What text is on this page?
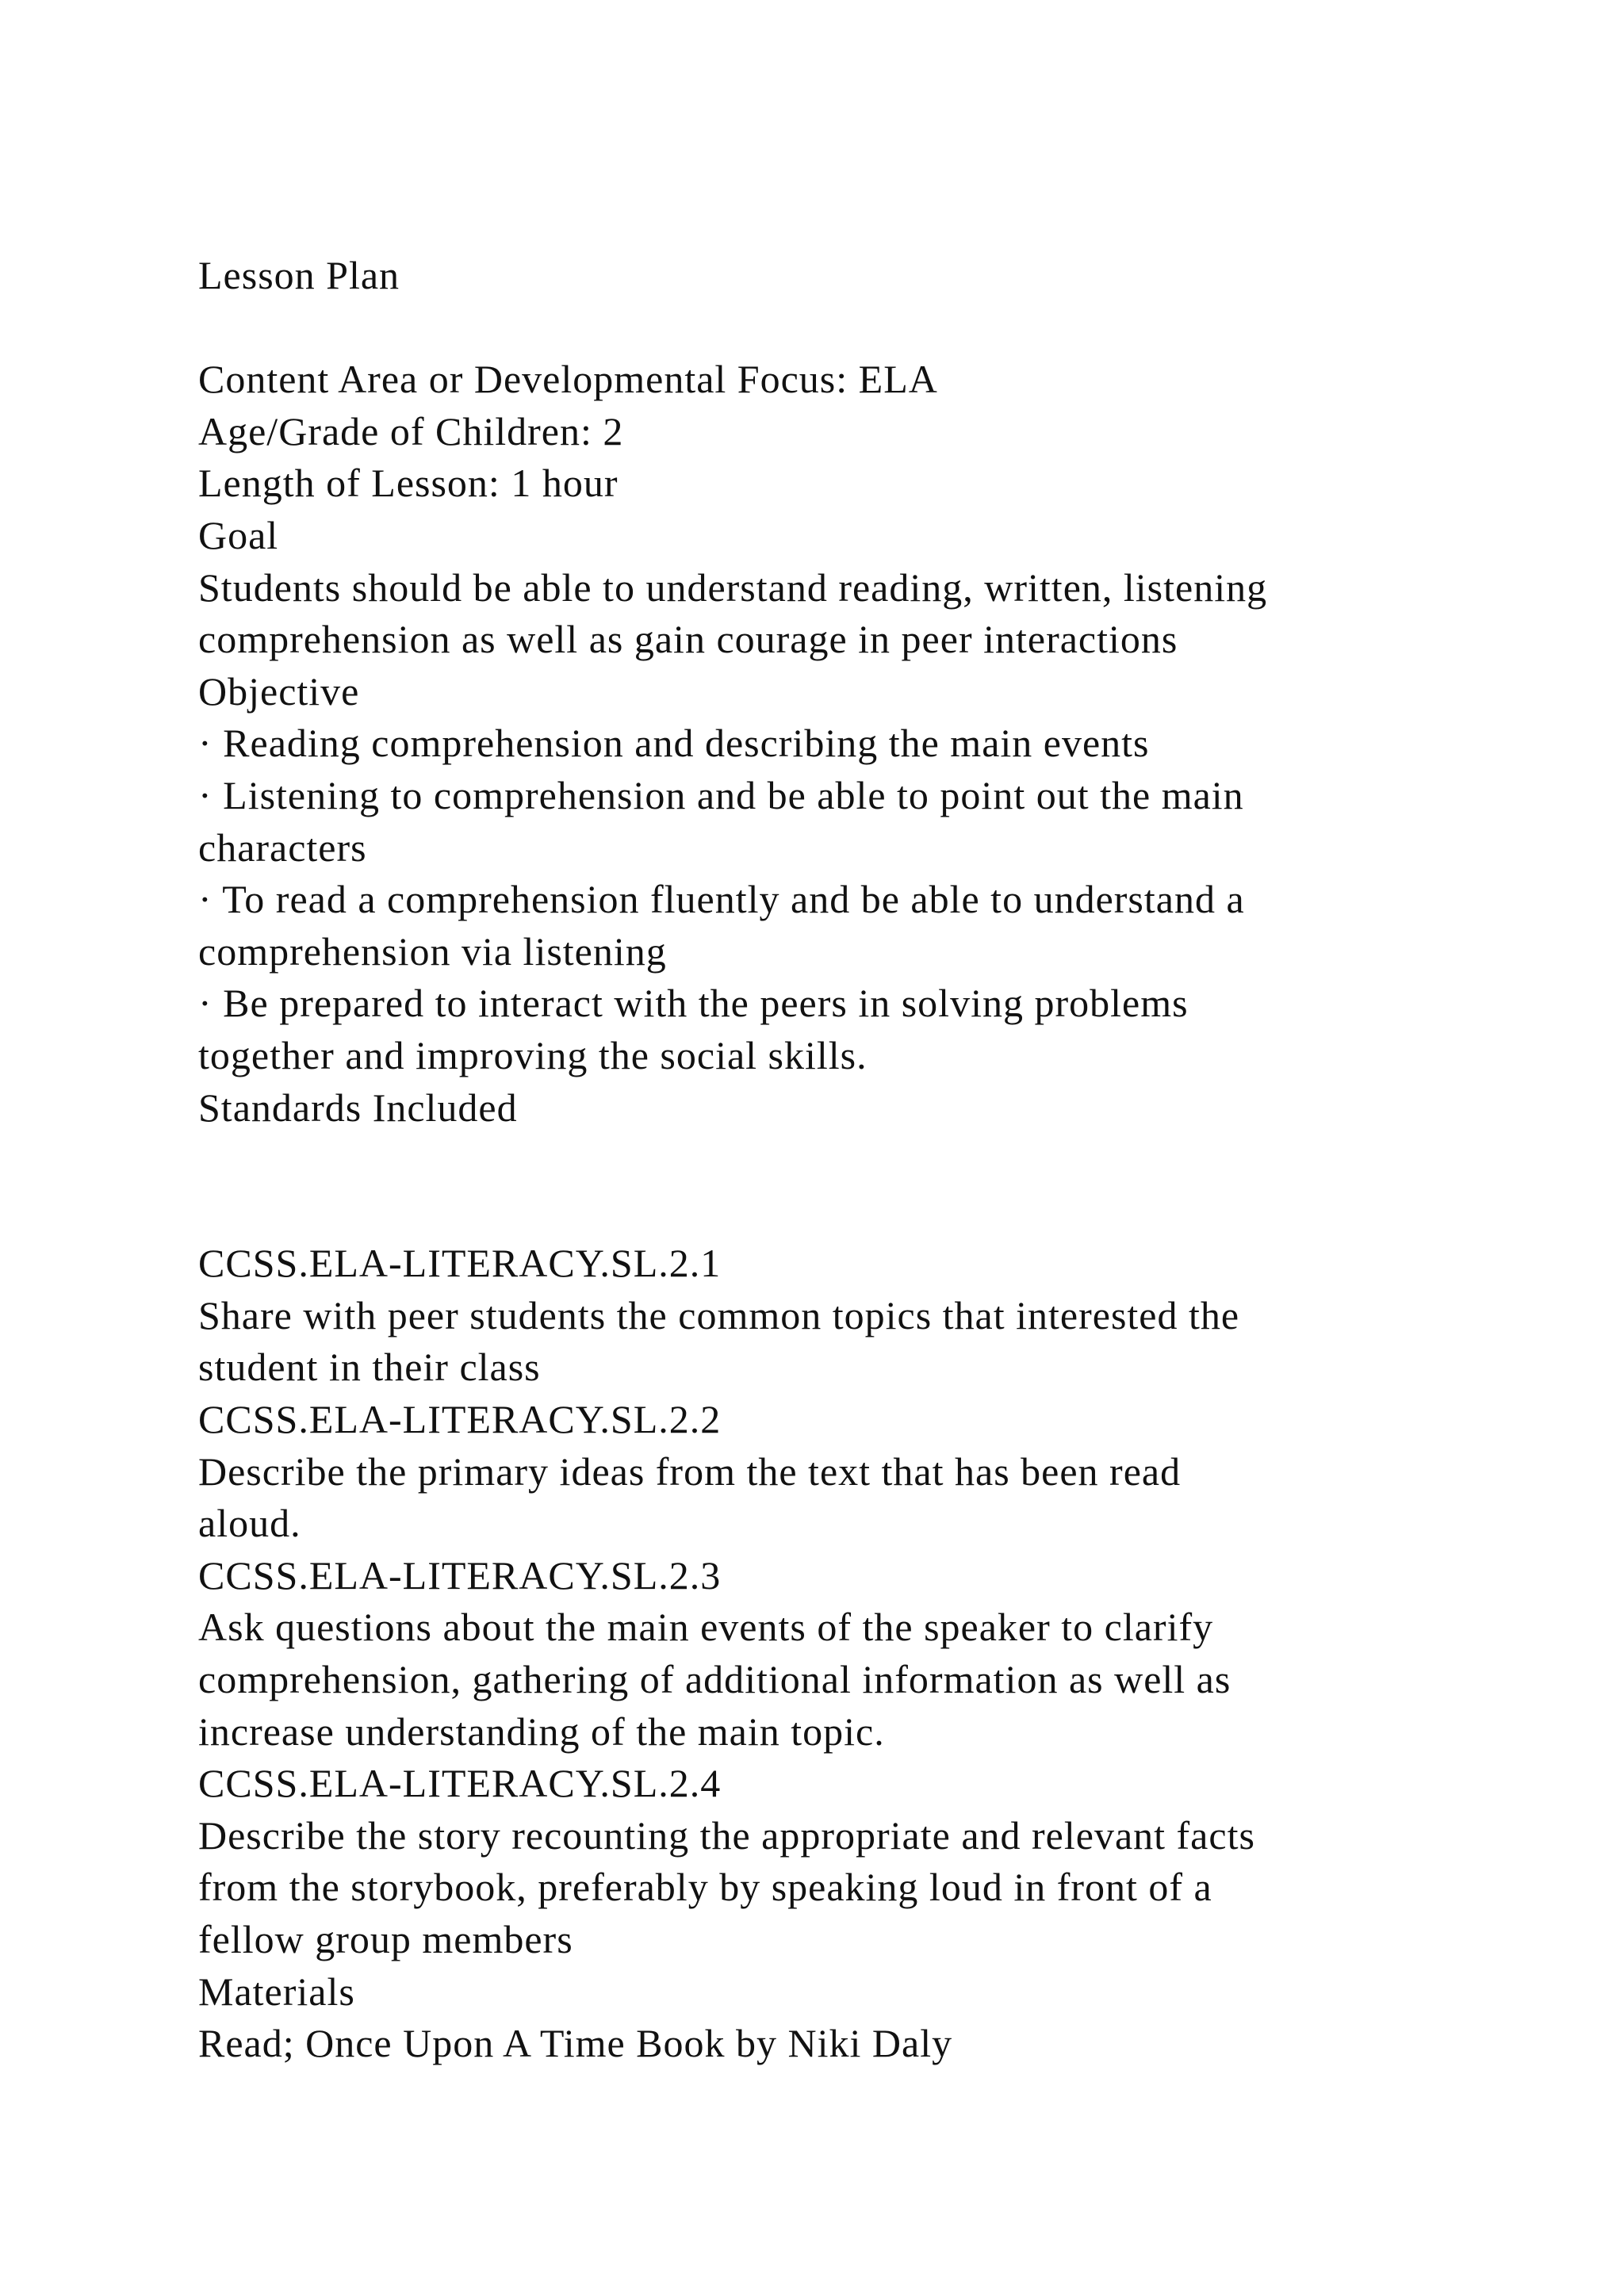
Lesson Plan
Content Area or Developmental Focus: ELA
Age/Grade of Children: 2
Length of Lesson: 1 hour
Goal
Students should be able to understand reading, written, listening
comprehension as well as gain courage in peer interactions
Objective
· Reading comprehension and describing the main events
· Listening to comprehension and be able to point out the main
characters
· To read a comprehension fluently and be able to understand a
comprehension via listening
· Be prepared to interact with the peers in solving problems
together and improving the social skills.
Standards Included
CCSS.ELA-LITERACY.SL.2.1
Share with peer students the common topics that interested the
student in their class
CCSS.ELA-LITERACY.SL.2.2
Describe the primary ideas from the text that has been read
aloud.
CCSS.ELA-LITERACY.SL.2.3
Ask questions about the main events of the speaker to clarify
comprehension, gathering of additional information as well as
increase understanding of the main topic.
CCSS.ELA-LITERACY.SL.2.4
Describe the story recounting the appropriate and relevant facts
from the storybook, preferably by speaking loud in front of a
fellow group members
Materials
Read; Once Upon A Time Book by Niki Daly
